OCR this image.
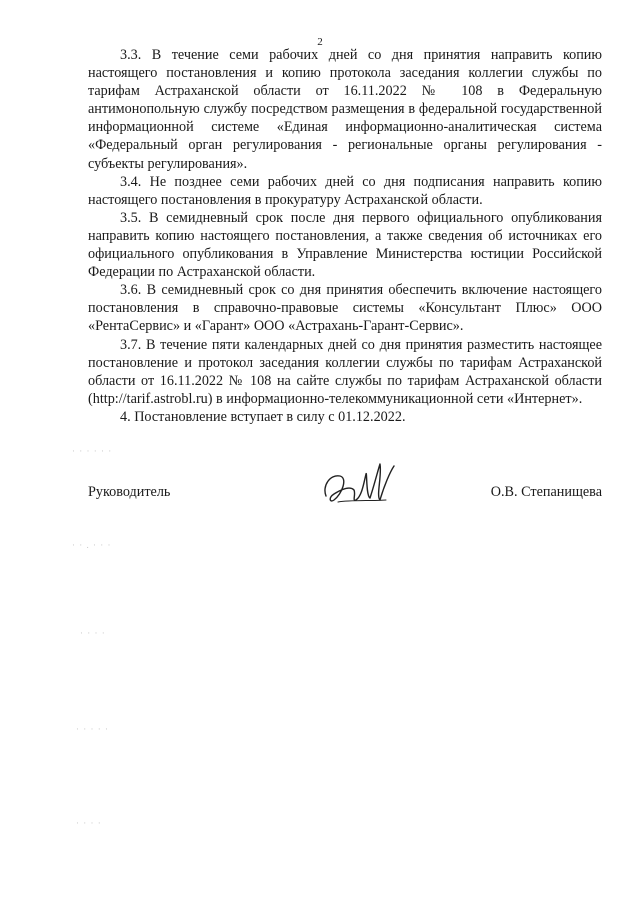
2

3.3. В течение семи рабочих дней со дня принятия направить копию настоящего постановления и копию протокола заседания коллегии службы по тарифам Астраханской области от 16.11.2022 № 108 в Федеральную антимонопольную службу посредством размещения в федеральной государственной информационной системе «Единая информационно-аналитическая система «Федеральный орган регулирования - региональные органы регулирования - субъекты регулирования».

3.4. Не позднее семи рабочих дней со дня подписания направить копию настоящего постановления в прокуратуру Астраханской области.

3.5. В семидневный срок после дня первого официального опубликования направить копию настоящего постановления, а также сведения об источниках его официального опубликования в Управление Министерства юстиции Российской Федерации по Астраханской области.

3.6. В семидневный срок со дня принятия обеспечить включение настоящего постановления в справочно-правовые системы «Консультант Плюс» ООО «РентаСервис» и «Гарант» ООО «Астрахань-Гарант-Сервис».

3.7. В течение пяти календарных дней со дня принятия разместить настоящее постановление и протокол заседания коллегии службы по тарифам Астраханской области от 16.11.2022 № 108 на сайте службы по тарифам Астраханской области (http://tarif.astrobl.ru) в информационно-телекоммуникационной сети «Интернет».

4. Постановление вступает в силу с 01.12.2022.

Руководитель	О.В. Степанищева
· · · · · ·
· · . · · ·
· · · ·
· · · · ·
· · · ·
